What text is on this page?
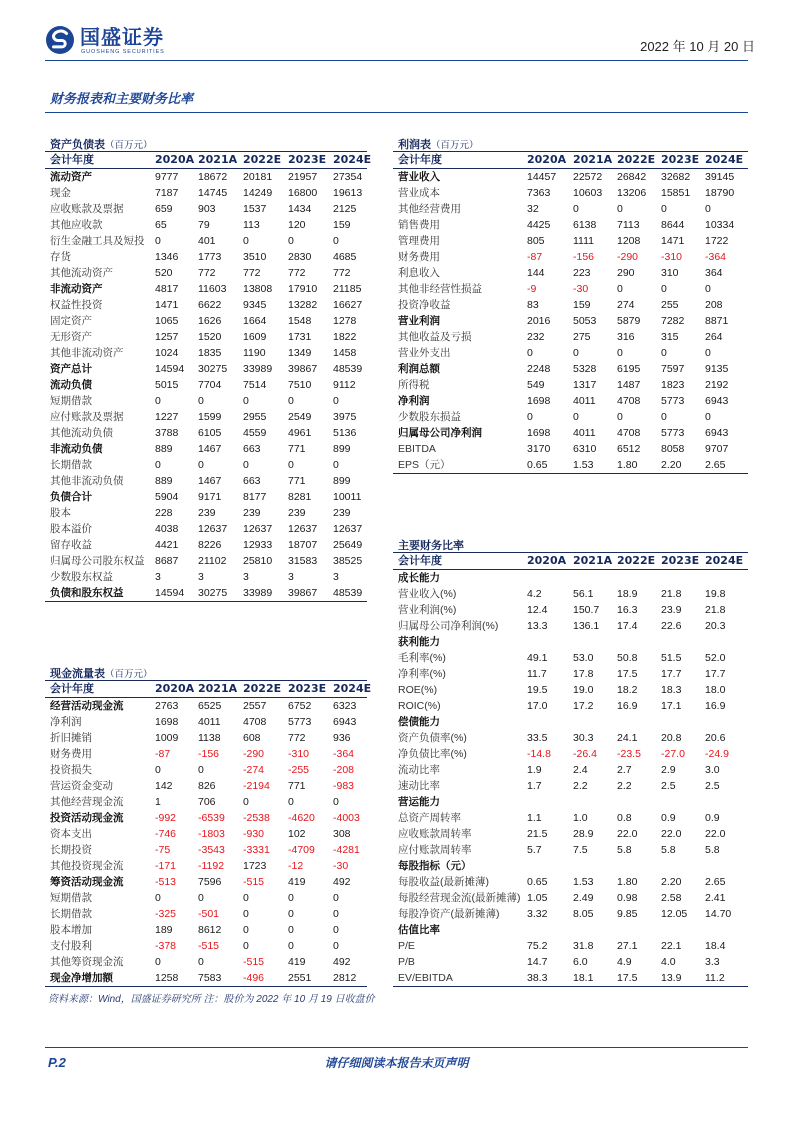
国盛证券
GUOSHENG SECURITIES	2022 年 10 月 20 日
财务报表和主要财务比率
资产负债表（百万元）
会计年度	2020A	2021A	2022E	2023E	2024E
流动资产	9777	18672	20181	21957	27354
现金	7187	14745	14249	16800	19613
应收账款及票据	659	903	1537	1434	2125
其他应收款	65	79	113	120	159
衍生金融工具及短投	0	401	0	0	0
存货	1346	1773	3510	2830	4685
其他流动资产	520	772	772	772	772
非流动资产	4817	11603	13808	17910	21185
权益性投资	1471	6622	9345	13282	16627
固定资产	1065	1626	1664	1548	1278
无形资产	1257	1520	1609	1731	1822
其他非流动资产	1024	1835	1190	1349	1458
资产总计	14594	30275	33989	39867	48539
流动负债	5015	7704	7514	7510	9112
短期借款	0	0	0	0	0
应付账款及票据	1227	1599	2955	2549	3975
其他流动负债	3788	6105	4559	4961	5136
非流动负债	889	1467	663	771	899
长期借款	0	0	0	0	0
其他非流动负债	889	1467	663	771	899
负债合计	5904	9171	8177	8281	10011
股本	228	239	239	239	239
股本溢价	4038	12637	12637	12637	12637
留存收益	4421	8226	12933	18707	25649
归属母公司股东权益	8687	21102	25810	31583	38525
少数股东权益	3	3	3	3	3
负债和股东权益	14594	30275	33989	39867	48539
利润表（百万元）
会计年度	2020A	2021A	2022E	2023E	2024E
营业收入	14457	22572	26842	32682	39145
营业成本	7363	10603	13206	15851	18790
其他经营费用	32	0	0	0	0
销售费用	4425	6138	7113	8644	10334
管理费用	805	1111	1208	1471	1722
财务费用	-87	-156	-290	-310	-364
利息收入	144	223	290	310	364
其他非经营性损益	-9	-30	0	0	0
投资净收益	83	159	274	255	208
营业利润	2016	5053	5879	7282	8871
其他收益及亏损	232	275	316	315	264
营业外支出	0	0	0	0	0
利润总额	2248	5328	6195	7597	9135
所得税	549	1317	1487	1823	2192
净利润	1698	4011	4708	5773	6943
少数股东损益	0	0	0	0	0
归属母公司净利润	1698	4011	4708	5773	6943
EBITDA	3170	6310	6512	8058	9707
EPS（元）	0.65	1.53	1.80	2.20	2.65
主要财务比率
会计年度	2020A	2021A	2022E	2023E	2024E
成长能力					
营业收入(%)	4.2	56.1	18.9	21.8	19.8
营业利润(%)	12.4	150.7	16.3	23.9	21.8
归属母公司净利润(%)	13.3	136.1	17.4	22.6	20.3
获利能力					
毛利率(%)	49.1	53.0	50.8	51.5	52.0
净利率(%)	11.7	17.8	17.5	17.7	17.7
ROE(%)	19.5	19.0	18.2	18.3	18.0
ROIC(%)	17.0	17.2	16.9	17.1	16.9
偿债能力					
资产负债率(%)	33.5	30.3	24.1	20.8	20.6
净负债比率(%)	-14.8	-26.4	-23.5	-27.0	-24.9
流动比率	1.9	2.4	2.7	2.9	3.0
速动比率	1.7	2.2	2.2	2.5	2.5
营运能力					
总资产周转率	1.1	1.0	0.8	0.9	0.9
应收账款周转率	21.5	28.9	22.0	22.0	22.0
应付账款周转率	5.7	7.5	5.8	5.8	5.8
每股指标（元）					
每股收益(最新摊薄)	0.65	1.53	1.80	2.20	2.65
每股经营现金流(最新摊薄)	1.05	2.49	0.98	2.58	2.41
每股净资产(最新摊薄)	3.32	8.05	9.85	12.05	14.70
估值比率					
P/E	75.2	31.8	27.1	22.1	18.4
P/B	14.7	6.0	4.9	4.0	3.3
EV/EBITDA	38.3	18.1	17.5	13.9	11.2
现金流量表（百万元）
会计年度	2020A	2021A	2022E	2023E	2024E
经营活动现金流	2763	6525	2557	6752	6323
净利润	1698	4011	4708	5773	6943
折旧摊销	1009	1138	608	772	936
财务费用	-87	-156	-290	-310	-364
投资损失	0	0	-274	-255	-208
营运资金变动	142	826	-2194	771	-983
其他经营现金流	1	706	0	0	0
投资活动现金流	-992	-6539	-2538	-4620	-4003
资本支出	-746	-1803	-930	102	308
长期投资	-75	-3543	-3331	-4709	-4281
其他投资现金流	-171	-1192	1723	-12	-30
筹资活动现金流	-513	7596	-515	419	492
短期借款	0	0	0	0	0
长期借款	-325	-501	0	0	0
股本增加	189	8612	0	0	0
支付股利	-378	-515	0	0	0
其他筹资现金流	0	0	-515	419	492
现金净增加额	1258	7583	-496	2551	2812
资料来源：Wind，国盛证券研究所 注：股价为 2022 年 10 月 19 日收盘价
P.2	请仔细阅读本报告末页声明
